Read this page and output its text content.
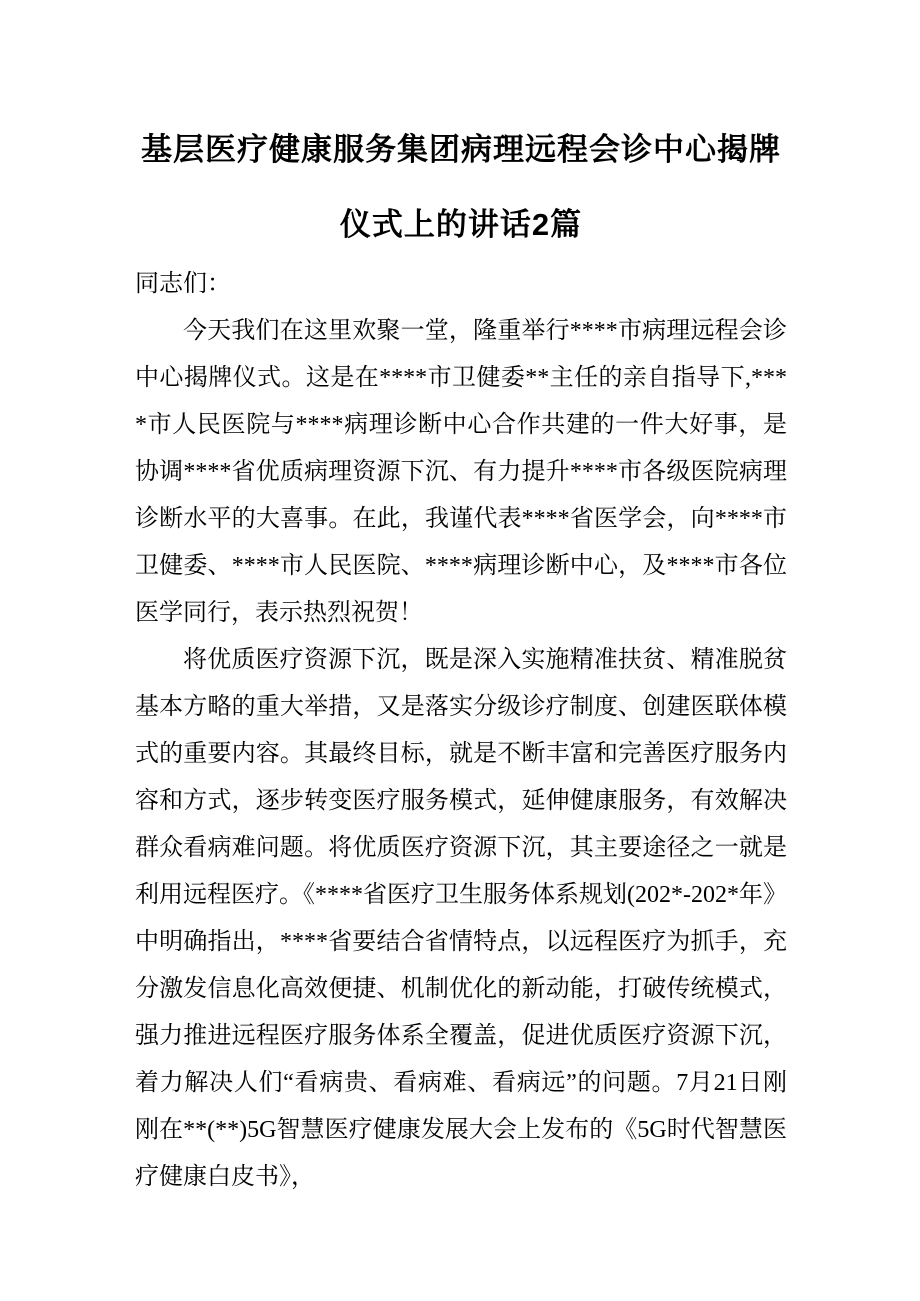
基层医疗健康服务集团病理远程会诊中心揭牌
仪式上的讲话2篇

同志们：

今天我们在这里欢聚一堂，隆重举行****市病理远程会诊中心揭牌仪式。这是在****市卫健委**主任的亲自指导下,****市人民医院与****病理诊断中心合作共建的一件大好事，是协调****省优质病理资源下沉、有力提升****市各级医院病理诊断水平的大喜事。在此，我谨代表****省医学会，向****市卫健委、****市人民医院、****病理诊断中心，及****市各位医学同行，表示热烈祝贺！

将优质医疗资源下沉，既是深入实施精准扶贫、精准脱贫基本方略的重大举措，又是落实分级诊疗制度、创建医联体模式的重要内容。其最终目标，就是不断丰富和完善医疗服务内容和方式，逐步转变医疗服务模式，延伸健康服务，有效解决群众看病难问题。将优质医疗资源下沉，其主要途径之一就是利用远程医疗。《****省医疗卫生服务体系规划(202*-202*年》中明确指出，****省要结合省情特点，以远程医疗为抓手，充分激发信息化高效便捷、机制优化的新动能，打破传统模式，强力推进远程医疗服务体系全覆盖，促进优质医疗资源下沉，着力解决人们“看病贵、看病难、看病远”的问题。7月21日刚刚在**(**)5G智慧医疗健康发展大会上发布的《5G时代智慧医疗健康白皮书》，
